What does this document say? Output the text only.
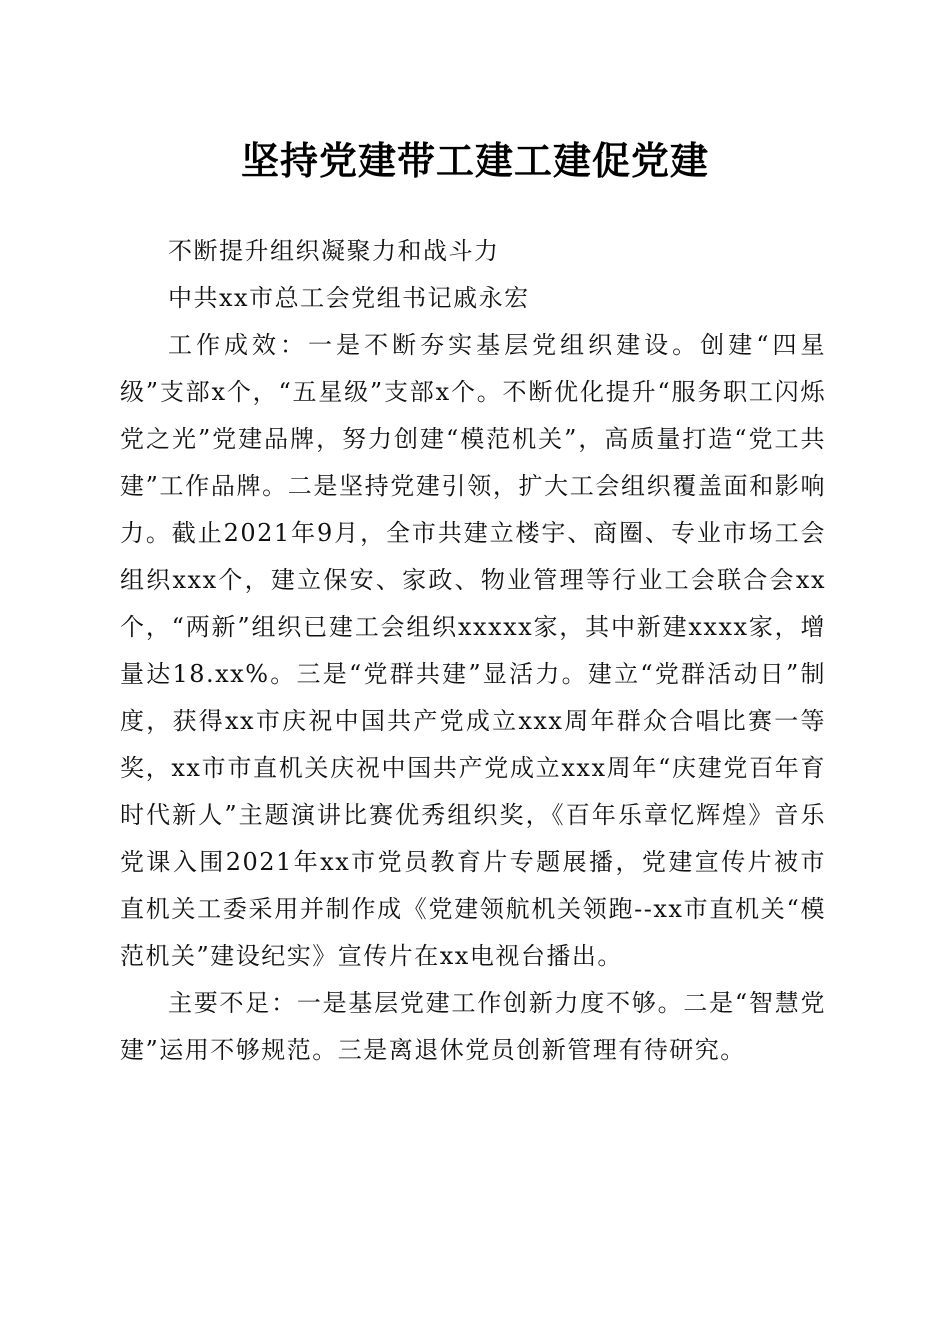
坚持党建带工建工建促党建

不断提升组织凝聚力和战斗力

中共xx市总工会党组书记戚永宏

工作成效：一是不断夯实基层党组织建设。创建“四星级”支部x个，“五星级”支部x个。不断优化提升“服务职工闪烁党之光”党建品牌，努力创建“模范机关”，高质量打造“党工共建”工作品牌。二是坚持党建引领，扩大工会组织覆盖面和影响力。截止2021年9月，全市共建立楼宇、商圈、专业市场工会组织xxx个，建立保安、家政、物业管理等行业工会联合会xx个，“两新”组织已建工会组织xxxxx家，其中新建xxxx家，增量达18.xx%。三是“党群共建”显活力。建立“党群活动日”制度，获得xx市庆祝中国共产党成立xxx周年群众合唱比赛一等奖，xx市市直机关庆祝中国共产党成立xxx周年“庆建党百年育时代新人”主题演讲比赛优秀组织奖，《百年乐章忆辉煌》音乐党课入围2021年xx市党员教育片专题展播，党建宣传片被市直机关工委采用并制作成《党建领航机关领跑--xx市直机关“模范机关”建设纪实》宣传片在xx电视台播出。

主要不足：一是基层党建工作创新力度不够。二是“智慧党建”运用不够规范。三是离退休党员创新管理有待研究。
